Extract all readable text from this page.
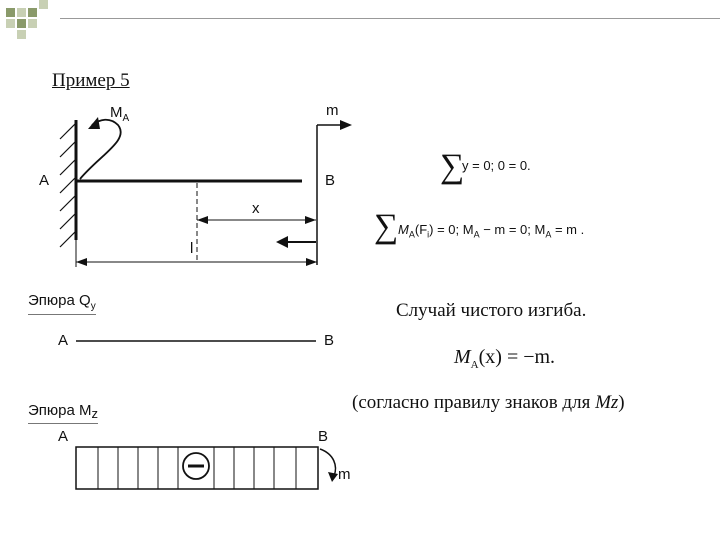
Пример 5
$M_A$
A	B
m
x
l
Эпюра $Q_y$
A	B
Эпюра Mz
A	B
m
∑
y = 0; 0 = 0.
∑ $M_A(F_i) = 0$; $M_A - m = 0$; $M_A = m$ .
Случай чистого изгиба.
$M_A(x) = -m$.
(согласно правилу знаков для Mz)
